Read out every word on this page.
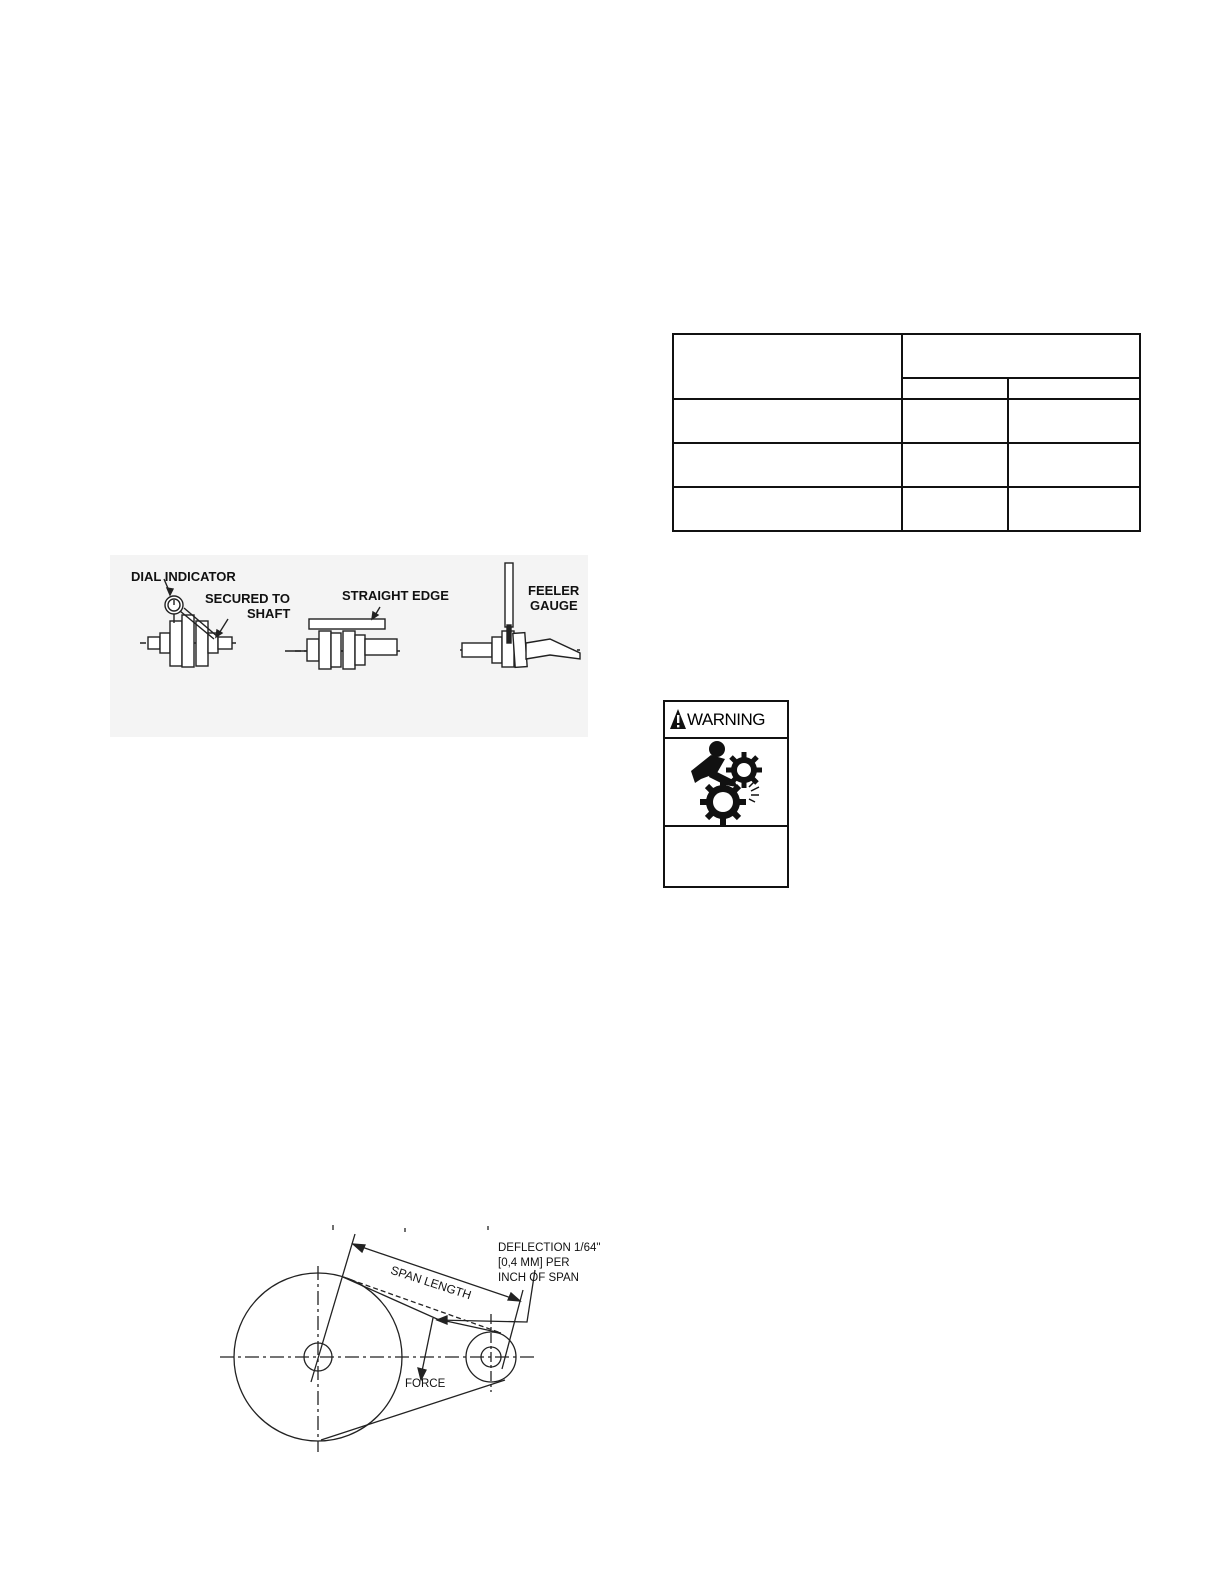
DIAL INDICATOR
SECURED TO
SHAFT
STRAIGHT EDGE	FEELER
GAUGE

WARNING
SPAN LENGTH
DEFLECTION 1/64"
[0,4 MM] PER
INCH OF SPAN
FORCE
